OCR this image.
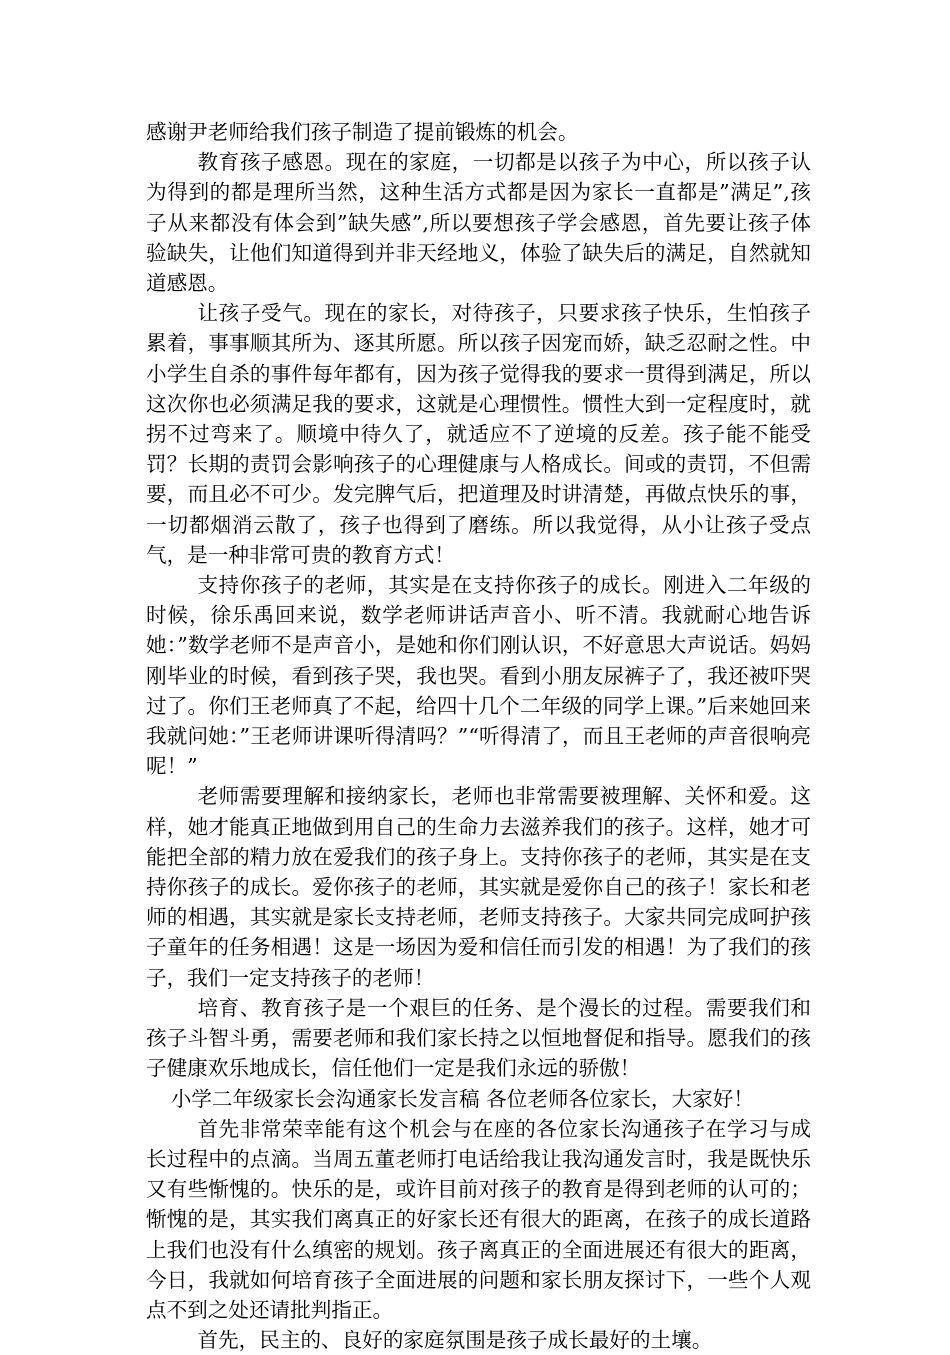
感谢尹老师给我们孩子制造了提前锻炼的机会。

教育孩子感恩。现在的家庭，一切都是以孩子为中心，所以孩子认为得到的都是理所当然，这种生活方式都是因为家长一直都是”满足”,孩子从来都没有体会到”缺失感”,所以要想孩子学会感恩，首先要让孩子体验缺失，让他们知道得到并非天经地义，体验了缺失后的满足，自然就知道感恩。

让孩子受气。现在的家长，对待孩子，只要求孩子快乐，生怕孩子累着，事事顺其所为、逐其所愿。所以孩子因宠而娇，缺乏忍耐之性。中小学生自杀的事件每年都有，因为孩子觉得我的要求一贯得到满足，所以这次你也必须满足我的要求，这就是心理惯性。惯性大到一定程度时，就拐不过弯来了。顺境中待久了，就适应不了逆境的反差。孩子能不能受罚？长期的责罚会影响孩子的心理健康与人格成长。间或的责罚，不但需要，而且必不可少。发完脾气后，把道理及时讲清楚，再做点快乐的事，一切都烟消云散了，孩子也得到了磨练。所以我觉得，从小让孩子受点气，是一种非常可贵的教育方式！

支持你孩子的老师，其实是在支持你孩子的成长。刚进入二年级的时候，徐乐禹回来说，数学老师讲话声音小、听不清。我就耐心地告诉她：”数学老师不是声音小，是她和你们刚认识，不好意思大声说话。妈妈刚毕业的时候，看到孩子哭，我也哭。看到小朋友尿裤子了，我还被吓哭过了。你们王老师真了不起，给四十几个二年级的同学上课。”后来她回来我就问她：”王老师讲课听得清吗？”“听得清了，而且王老师的声音很响亮呢！”

老师需要理解和接纳家长，老师也非常需要被理解、关怀和爱。这样，她才能真正地做到用自己的生命力去滋养我们的孩子。这样，她才可能把全部的精力放在爱我们的孩子身上。支持你孩子的老师，其实是在支持你孩子的成长。爱你孩子的老师，其实就是爱你自己的孩子！家长和老师的相遇，其实就是家长支持老师，老师支持孩子。大家共同完成呵护孩子童年的任务相遇！这是一场因为爱和信任而引发的相遇！为了我们的孩子，我们一定支持孩子的老师！

培育、教育孩子是一个艰巨的任务、是个漫长的过程。需要我们和孩子斗智斗勇，需要老师和我们家长持之以恒地督促和指导。愿我们的孩子健康欢乐地成长，信任他们一定是我们永远的骄傲！

小学二年级家长会沟通家长发言稿 各位老师各位家长，大家好！

首先非常荣幸能有这个机会与在座的各位家长沟通孩子在学习与成长过程中的点滴。当周五董老师打电话给我让我沟通发言时，我是既快乐又有些惭愧的。快乐的是，或许目前对孩子的教育是得到老师的认可的；惭愧的是，其实我们离真正的好家长还有很大的距离，在孩子的成长道路上我们也没有什么缜密的规划。孩子离真正的全面进展还有很大的距离，今日，我就如何培育孩子全面进展的问题和家长朋友探讨下，一些个人观点不到之处还请批判指正。

首先，民主的、良好的家庭氛围是孩子成长最好的土壤。
